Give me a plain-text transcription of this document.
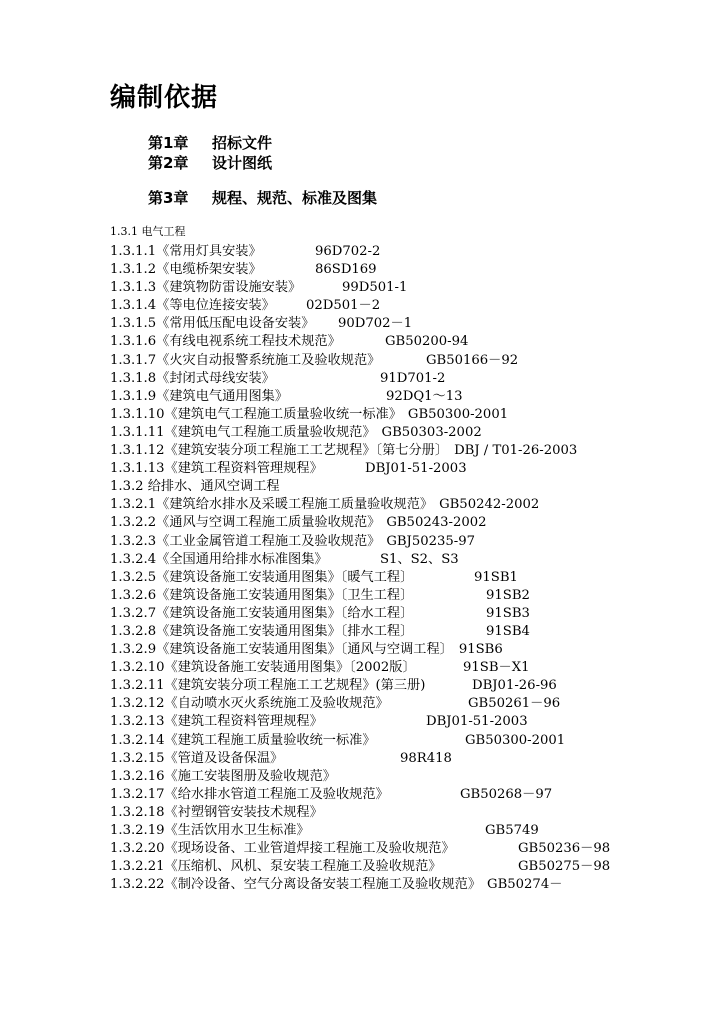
编制依据
第1章 招标文件
第2章 设计图纸
第3章 规程、规范、标准及图集
1.3.1 电气工程
1.3.1.1《常用灯具安装》	96D702-2
1.3.1.2《电缆桥架安装》	86SD169
1.3.1.3《建筑物防雷设施安装》	99D501-1
1.3.1.4《等电位连接安装》 02D501－2
1.3.1.5《常用低压配电设备安装》 90D702－1
1.3.1.6《有线电视系统工程技术规范》	GB50200-94
1.3.1.7《火灾自动报警系统施工及验收规范》	GB50166－92
1.3.1.8《封闭式母线安装》	91D701-2
1.3.1.9《建筑电气通用图集》	92DQ1～13
1.3.1.10《建筑电气工程施工质量验收统一标准》 GB50300-2001
1.3.1.11《建筑电气工程施工质量验收规范》 GB50303-2002
1.3.1.12《建筑安装分项工程施工工艺规程》〔第七分册〕 DBJ / T01-26-2003
1.3.1.13《建筑工程资料管理规程》	DBJ01-51-2003
1.3.2 给排水、通风空调工程
1.3.2.1《建筑给水排水及采暖工程施工质量验收规范》 GB50242-2002
1.3.2.2《通风与空调工程施工质量验收规范》 GB50243-2002
1.3.2.3《工业金属管道工程施工及验收规范》 GBJ50235-97
1.3.2.4《全国通用给排水标准图集》	S1、S2、S3
1.3.2.5《建筑设备施工安装通用图集》〔暖气工程〕	91SB1
1.3.2.6《建筑设备施工安装通用图集》〔卫生工程〕	91SB2
1.3.2.7《建筑设备施工安装通用图集》〔给水工程〕	91SB3
1.3.2.8《建筑设备施工安装通用图集》〔排水工程〕	91SB4
1.3.2.9《建筑设备施工安装通用图集》〔通风与空调工程〕 91SB6
1.3.2.10《建筑设备施工安装通用图集》〔2002版〕	91SB－X1
1.3.2.11《建筑安装分项工程施工工艺规程》(第三册)	DBJ01-26-96
1.3.2.12《自动喷水灭火系统施工及验收规范》	GB50261－96
1.3.2.13《建筑工程资料管理规程》	DBJ01-51-2003
1.3.2.14《建筑工程施工质量验收统一标准》	GB50300-2001
1.3.2.15《管道及设备保温》	98R418
1.3.2.16《施工安装图册及验收规范》
1.3.2.17《给水排水管道工程施工及验收规范》	GB50268－97
1.3.2.18《衬塑钢管安装技术规程》
1.3.2.19《生活饮用水卫生标准》	GB5749
1.3.2.20《现场设备、工业管道焊接工程施工及验收规范》	GB50236－98
1.3.2.21《压缩机、风机、泵安装工程施工及验收规范》	GB50275－98
1.3.2.22《制冷设备、空气分离设备安装工程施工及验收规范》 GB50274－
